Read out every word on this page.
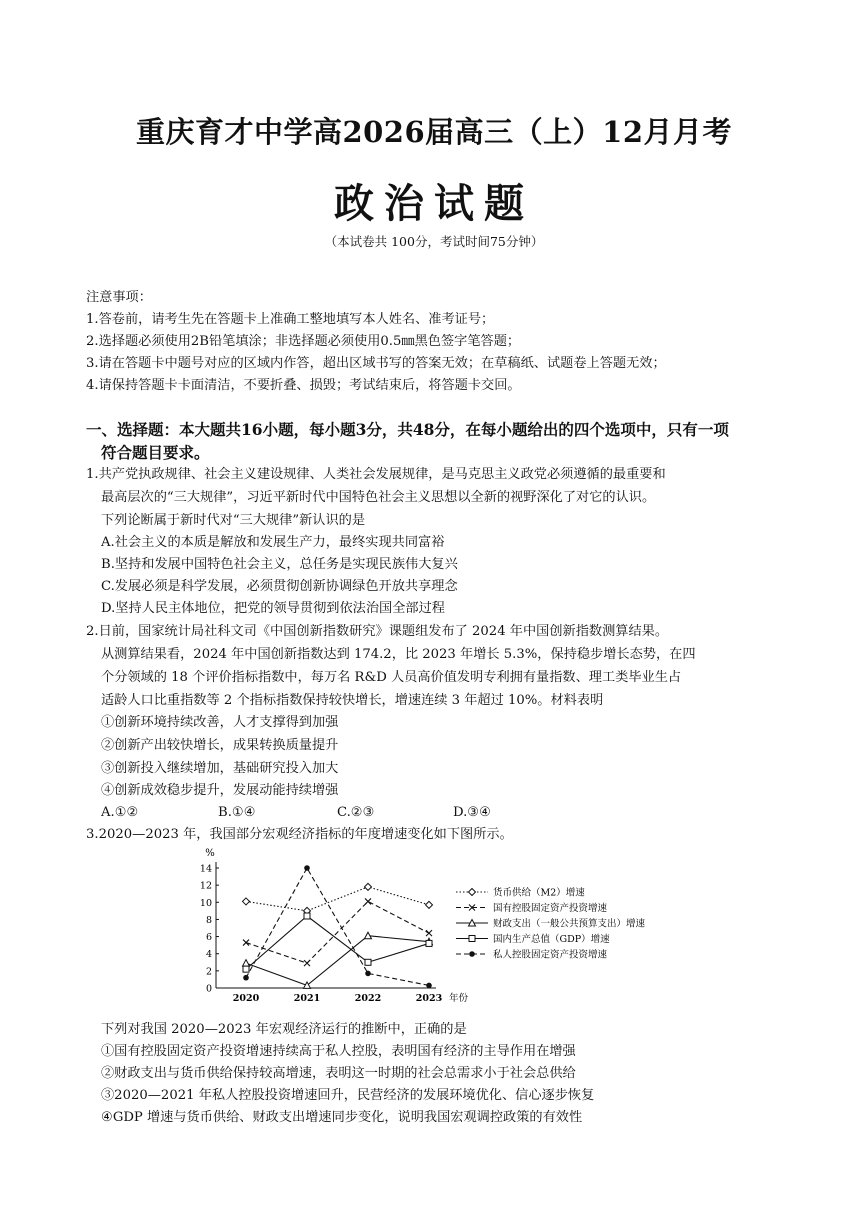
重庆育才中学高2026届高三（上）12月月考
政治试题
（本试卷共 100分，考试时间75分钟）
注意事项：
1.答卷前，请考生先在答题卡上准确工整地填写本人姓名、准考证号；
2.选择题必须使用2B铅笔填涂；非选择题必须使用0.5㎜黑色签字笔答题；
3.请在答题卡中题号对应的区域内作答，超出区域书写的答案无效；在草稿纸、试题卷上答题无效；
4.请保持答题卡卡面清洁，不要折叠、损毁；考试结束后，将答题卡交回。
一、选择题：本大题共16小题，每小题3分，共48分，在每小题给出的四个选项中，只有一项
符合题目要求。
1.共产党执政规律、社会主义建设规律、人类社会发展规律，是马克思主义政党必须遵循的最重要和
最高层次的“三大规律”，习近平新时代中国特色社会主义思想以全新的视野深化了对它的认识。
下列论断属于新时代对“三大规律”新认识的是
A.社会主义的本质是解放和发展生产力，最终实现共同富裕
B.坚持和发展中国特色社会主义，总任务是实现民族伟大复兴
C.发展必须是科学发展，必须贯彻创新协调绿色开放共享理念
D.坚持人民主体地位，把党的领导贯彻到依法治国全部过程
2.日前，国家统计局社科文司《中国创新指数研究》课题组发布了 2024 年中国创新指数测算结果。
从测算结果看，2024 年中国创新指数达到 174.2，比 2023 年增长 5.3%，保持稳步增长态势，在四
个分领域的 18 个评价指标指数中，每万名 R&D 人员高价值发明专利拥有量指数、理工类毕业生占
适龄人口比重指数等 2 个指标指数保持较快增长，增速连续 3 年超过 10%。材料表明
①创新环境持续改善，人才支撑得到加强
②创新产出较快增长，成果转换质量提升
③创新投入继续增加，基础研究投入加大
④创新成效稳步提升，发展动能持续增强
A.①②	B.①④	C.②③	D.③④
3.2020—2023 年，我国部分宏观经济指标的年度增速变化如下图所示。
%
0
2
4
6
8
10
12
14
2020	2021	2022	2023 年份
货币供给（M2）增速
国有控股固定资产投资增速
财政支出（一般公共预算支出）增速
国内生产总值（GDP）增速
私人控股固定资产投资增速
下列对我国 2020—2023 年宏观经济运行的推断中，正确的是
①国有控股固定资产投资增速持续高于私人控股，表明国有经济的主导作用在增强
②财政支出与货币供给保持较高增速，表明这一时期的社会总需求小于社会总供给
③2020—2021 年私人控股投资增速回升，民营经济的发展环境优化、信心逐步恢复
④GDP 增速与货币供给、财政支出增速同步变化，说明我国宏观调控政策的有效性
